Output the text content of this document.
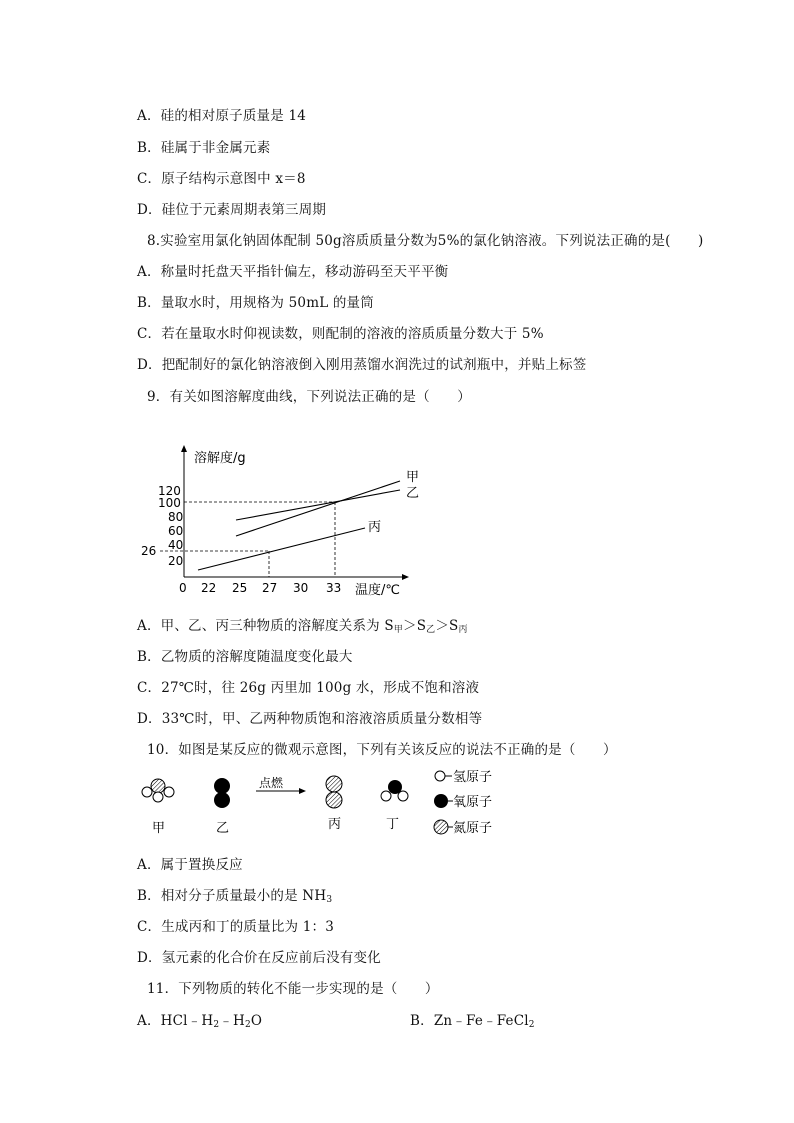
A．硅的相对原子质量是 14
B．硅属于非金属元素
C．原子结构示意图中 x＝8
D．硅位于元素周期表第三周期
8.实验室用氯化钠固体配制 50g溶质质量分数为5%的氯化钠溶液。下列说法正确的是(　　)
A．称量时托盘天平指针偏左，移动游码至天平平衡
B．量取水时，用规格为 50mL 的量筒
C．若在量取水时仰视读数，则配制的溶液的溶质质量分数大于 5%
D．把配制好的氯化钠溶液倒入刚用蒸馏水润洗过的试剂瓶中，并贴上标签
9．有关如图溶解度曲线，下列说法正确的是（　　）
溶解度/g
温度/℃
120
100
80
60
40
20
26
0 22 25 27 30 33
甲
乙
丙
A．甲、乙、丙三种物质的溶解度关系为 $S_甲>S_乙>S_丙$
B．乙物质的溶解度随温度变化最大
C．27℃时，往 26g 丙里加 100g 水，形成不饱和溶液
D．33℃时，甲、乙两种物质饱和溶液溶质质量分数相等
10．如图是某反应的微观示意图，下列有关该反应的说法不正确的是（　　）
点燃
甲	乙	丙	丁
氢原子
氧原子
氮原子
A．属于置换反应
B．相对分子质量最小的是 $NH_3$
C．生成丙和丁的质量比为 1：3
D．氢元素的化合价在反应前后没有变化
11．下列物质的转化不能一步实现的是（　　）
A．$HCl﹣H_2﹣H_2O$	B．Zn﹣Fe﹣FeCl$_2$
